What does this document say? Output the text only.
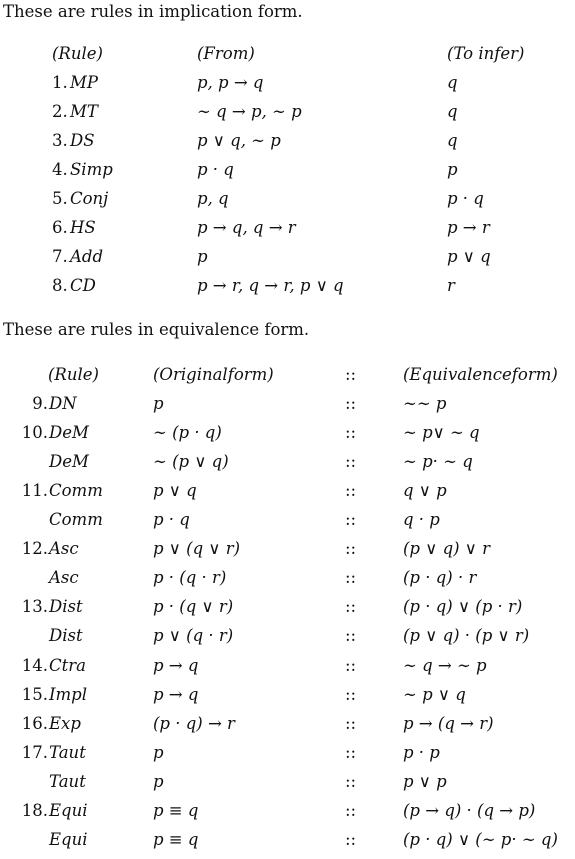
These are rules in implication form.

(Rule)	(From)	(To infer)
1. MP	p, p → q	q
2. MT	∼ q → p, ∼ p	q
3. DS	p ∨ q, ∼ p	q
4. Simp	p · q	p
5. Conj	p, q	p · q
6. HS	p → q, q → r	p → r
7. Add	p	p ∨ q
8. CD	p → r, q → r, p ∨ q	r

These are rules in equivalence form.

(Rule)	(Originalform)	::	(Equivalenceform)
9. DN	p	::	∼∼ p
10. DeM	∼ (p · q)	::	∼ p∨ ∼ q
DeM	∼ (p ∨ q)	::	∼ p· ∼ q
11. Comm	p ∨ q	::	q ∨ p
Comm	p · q	::	q · p
12. Asc	p ∨ (q ∨ r)	::	(p ∨ q) ∨ r
Asc	p · (q · r)	::	(p · q) · r
13. Dist	p · (q ∨ r)	::	(p · q) ∨ (p · r)
Dist	p ∨ (q · r)	::	(p ∨ q) · (p ∨ r)
14. Ctra	p → q	::	∼ q → ∼ p
15. Impl	p → q	::	∼ p ∨ q
16. Exp	(p · q) → r	::	p → (q → r)
17. Taut	p	::	p · p
Taut	p	::	p ∨ p
18. Equi	p ≡ q	::	(p → q) · (q → p)
Equi	p ≡ q	::	(p · q) ∨ (∼ p· ∼ q)
